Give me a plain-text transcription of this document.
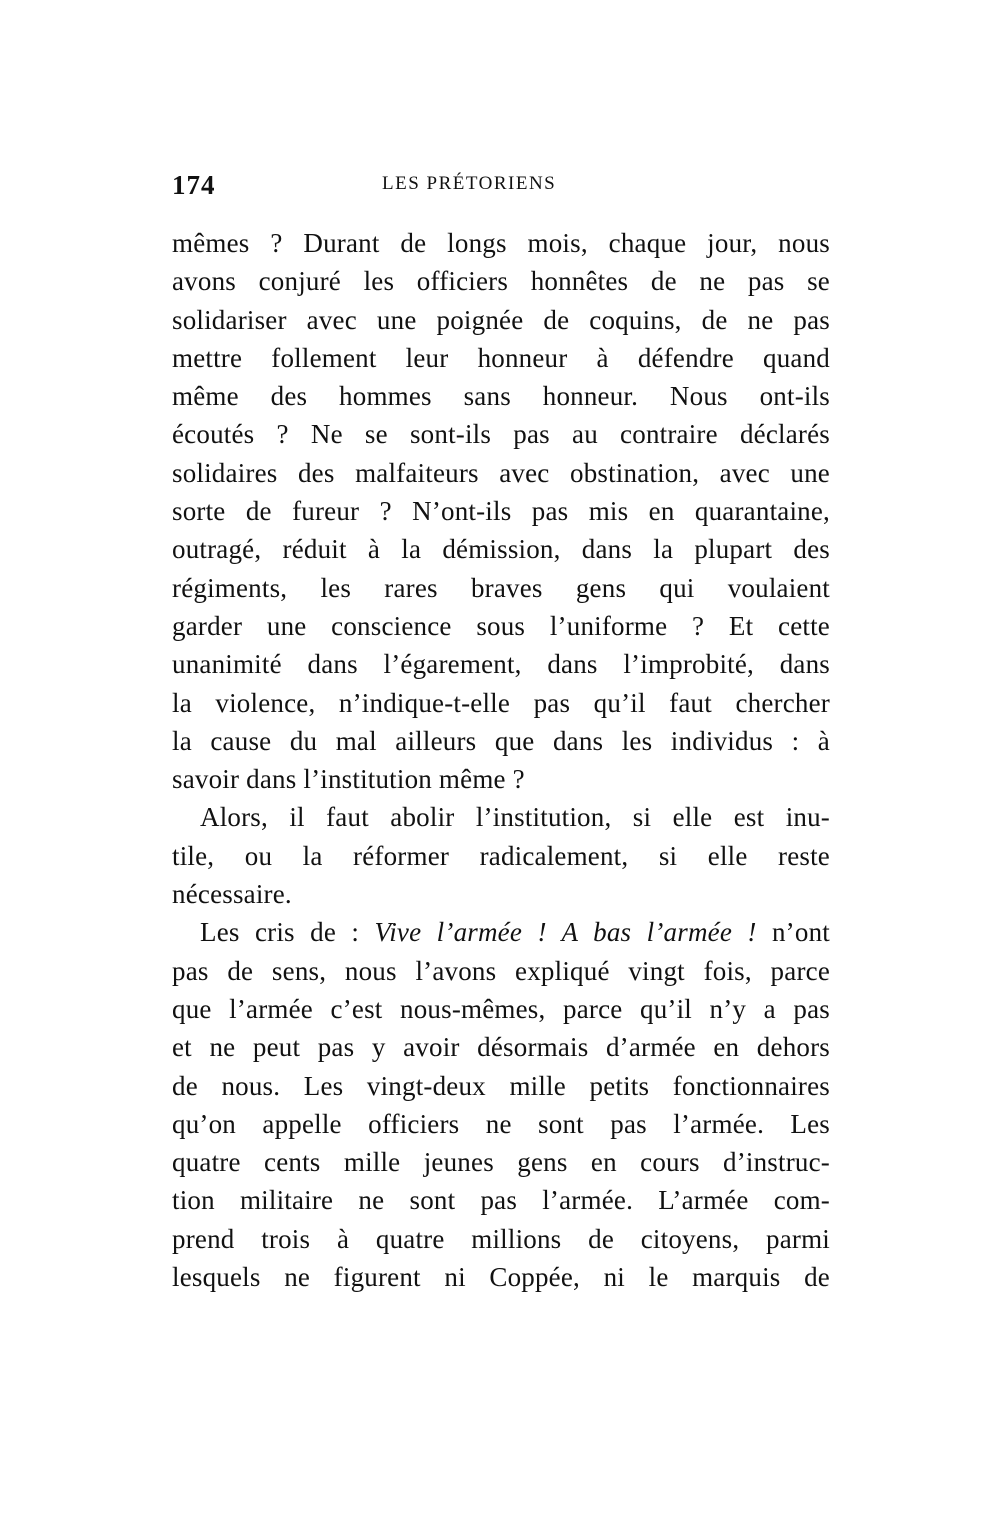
174	LES PRÉTORIENS
mêmes ? Durant de longs mois, chaque jour, nous
avons conjuré les officiers honnêtes de ne pas se
solidariser avec une poignée de coquins, de ne pas
mettre follement leur honneur à défendre quand
même des hommes sans honneur. Nous ont-ils
écoutés ? Ne se sont-ils pas au contraire déclarés
solidaires des malfaiteurs avec obstination, avec une
sorte de fureur ? N’ont-ils pas mis en quarantaine,
outragé, réduit à la démission, dans la plupart des
régiments, les rares braves gens qui voulaient
garder une conscience sous l’uniforme ? Et cette
unanimité dans l’égarement, dans l’improbité, dans
la violence, n’indique-t-elle pas qu’il faut chercher
la cause du mal ailleurs que dans les individus : à
savoir dans l’institution même ?
Alors, il faut abolir l’institution, si elle est inu-
tile, ou la réformer radicalement, si elle reste
nécessaire.
Les cris de : Vive l’armée ! A bas l’armée ! n’ont
pas de sens, nous l’avons expliqué vingt fois, parce
que l’armée c’est nous-mêmes, parce qu’il n’y a pas
et ne peut pas y avoir désormais d’armée en dehors
de nous. Les vingt-deux mille petits fonctionnaires
qu’on appelle officiers ne sont pas l’armée. Les
quatre cents mille jeunes gens en cours d’instruc-
tion militaire ne sont pas l’armée. L’armée com-
prend trois à quatre millions de citoyens, parmi
lesquels ne figurent ni Coppée, ni le marquis de
